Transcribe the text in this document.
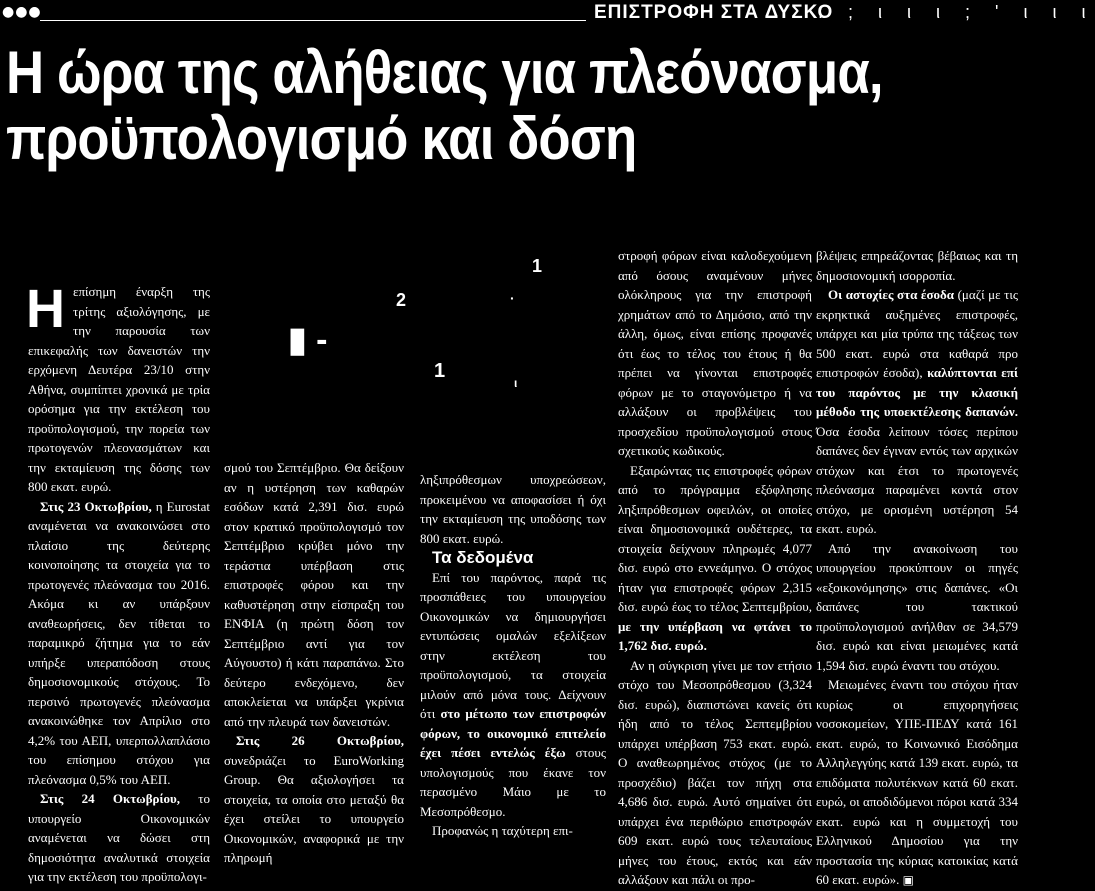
●●●	ΕΠΙΣΤΡΟΦΗ ΣΤΑ ΔΥΣΚΟ
: ; ι ι ι ; ' ι ι ι
Η ώρα της αλήθειας για πλεόνασμα,
προϋπολογισμό και δόση
1
2	·
▮ -
1
ι
Η επίσημη έναρξη της τρίτης αξιολόγησης, με την παρουσία των επικεφαλής των δανειστών την ερχόμενη Δευτέρα 23/10 στην Αθήνα, συμπίπτει χρονικά με τρία ορόσημα για την εκτέλεση του προϋπολογισμού, την πορεία των πρωτογενών πλεονασμάτων και την εκταμίευση της δόσης των 800 εκατ. ευρώ.

Στις 23 Οκτωβρίου, η Eurostat αναμένεται να ανακοινώσει στο πλαίσιο της δεύτερης κοινοποίησης τα στοιχεία για το πρωτογενές πλεόνασμα του 2016. Ακόμα κι αν υπάρξουν αναθεωρήσεις, δεν τίθεται το παραμικρό ζήτημα για το εάν υπήρξε υπεραπόδοση στους δημοσιονομικούς στόχους. Το περσινό πρωτογενές πλεόνασμα ανακοινώθηκε τον Απρίλιο στο 4,2% του ΑΕΠ, υπερπολλαπλάσιο του επίσημου στόχου για πλεόνασμα 0,5% του ΑΕΠ.

Στις 24 Οκτωβρίου, το υπουργείο Οικονομικών αναμένεται να δώσει στη δημοσιότητα αναλυτικά στοιχεία για την εκτέλεση του προϋπολογι-

σμού του Σεπτέμβριο. Θα δείξουν αν η υστέρηση των καθαρών εσόδων κατά 2,391 δισ. ευρώ στον κρατικό προϋπολογισμό τον Σεπτέμβριο κρύβει μόνο την τεράστια υπέρβαση στις επιστροφές φόρου και την καθυστέρηση στην είσπραξη του ΕΝΦΙΑ (η πρώτη δόση τον Σεπτέμβριο αντί για τον Αύγουστο) ή κάτι παραπάνω. Στο δεύτερο ενδεχόμενο, δεν αποκλείεται να υπάρξει γκρίνια από την πλευρά των δανειστών.

Στις 26 Οκτωβρίου, συνεδριάζει το EuroWorking Group. Θα αξιολογήσει τα στοιχεία, τα οποία στο μεταξύ θα έχει στείλει το υπουργείο Οικονομικών, αναφορικά με την πληρωμή

ληξιπρόθεσμων υποχρεώσεων, προκειμένου να αποφασίσει ή όχι την εκταμίευση της υποδόσης των 800 εκατ. ευρώ.

Τα δεδομένα

Επί του παρόντος, παρά τις προσπάθειες του υπουργείου Οικονομικών να δημιουργήσει εντυπώσεις ομαλών εξελίξεων στην εκτέλεση του προϋπολογισμού, τα στοιχεία μιλούν από μόνα τους. Δείχνουν ότι στο μέτωπο των επιστροφών φόρων, το οικονομικό επιτελείο έχει πέσει εντελώς έξω στους υπολογισμούς που έκανε τον περασμένο Μάιο με το Μεσοπρόθεσμο.

Προφανώς η ταχύτερη επι-

στροφή φόρων είναι καλοδεχούμενη από όσους αναμένουν μήνες ολόκληρους για την επιστροφή χρημάτων από το Δημόσιο, από την άλλη, όμως, είναι επίσης προφανές ότι έως το τέλος του έτους ή θα πρέπει να γίνονται επιστροφές φόρων με το σταγονόμετρο ή να αλλάξουν οι προβλέψεις του προσχεδίου προϋπολογισμού στους σχετικούς κωδικούς.

Εξαιρώντας τις επιστροφές φόρων από το πρόγραμμα εξόφλησης ληξιπρόθεσμων οφειλών, οι οποίες είναι δημοσιονομικά ουδέτερες, τα στοιχεία δείχνουν πληρωμές 4,077 δισ. ευρώ στο εννεάμηνο. Ο στόχος ήταν για επιστροφές φόρων 2,315 δισ. ευρώ έως το τέλος Σεπτεμβρίου, με την υπέρβαση να φτάνει το 1,762 δισ. ευρώ.

Αν η σύγκριση γίνει με τον ετήσιο στόχο του Μεσοπρόθεσμου (3,324 δισ. ευρώ), διαπιστώνει κανείς ότι ήδη από το τέλος Σεπτεμβρίου υπάρχει υπέρβαση 753 εκατ. ευρώ. Ο αναθεωρημένος στόχος (με το προσχέδιο) βάζει τον πήχη στα 4,686 δισ. ευρώ. Αυτό σημαίνει ότι υπάρχει ένα περιθώριο επιστροφών 609 εκατ. ευρώ τους τελευταίους μήνες του έτους, εκτός και εάν αλλάξουν και πάλι οι προ-

βλέψεις επηρεάζοντας βέβαιως και τη δημοσιονομική ισορροπία.

Οι αστοχίες στα έσοδα (μαζί με τις εκρηκτικά αυξημένες επιστροφές, υπάρχει και μία τρύπα της τάξεως των 500 εκατ. ευρώ στα καθαρά προ επιστροφών έσοδα), καλύπτονται επί του παρόντος με την κλασική μέθοδο της υποεκτέλεσης δαπανών. Όσα έσοδα λείπουν τόσες περίπου δαπάνες δεν έγιναν εντός των αρχικών στόχων και έτσι το πρωτογενές πλεόνασμα παραμένει κοντά στον στόχο, με ορισμένη υστέρηση 54 εκατ. ευρώ.

Από την ανακοίνωση του υπουργείου προκύπτουν οι πηγές «εξοικονόμησης» στις δαπάνες. «Οι δαπάνες του τακτικού προϋπολογισμού ανήλθαν σε 34,579 δισ. ευρώ και είναι μειωμένες κατά 1,594 δισ. ευρώ έναντι του στόχου.

Μειωμένες έναντι του στόχου ήταν κυρίως οι επιχορηγήσεις νοσοκομείων, ΥΠΕ-ΠΕΔΥ κατά 161 εκατ. ευρώ, το Κοινωνικό Εισόδημα Αλληλεγγύης κατά 139 εκατ. ευρώ, τα επιδόματα πολυτέκνων κατά 60 εκατ. ευρώ, οι αποδιδόμενοι πόροι κατά 334 εκατ. ευρώ και η συμμετοχή του Ελληνικού Δημοσίου για την προστασία της κύριας κατοικίας κατά 60 εκατ. ευρώ». ▣
